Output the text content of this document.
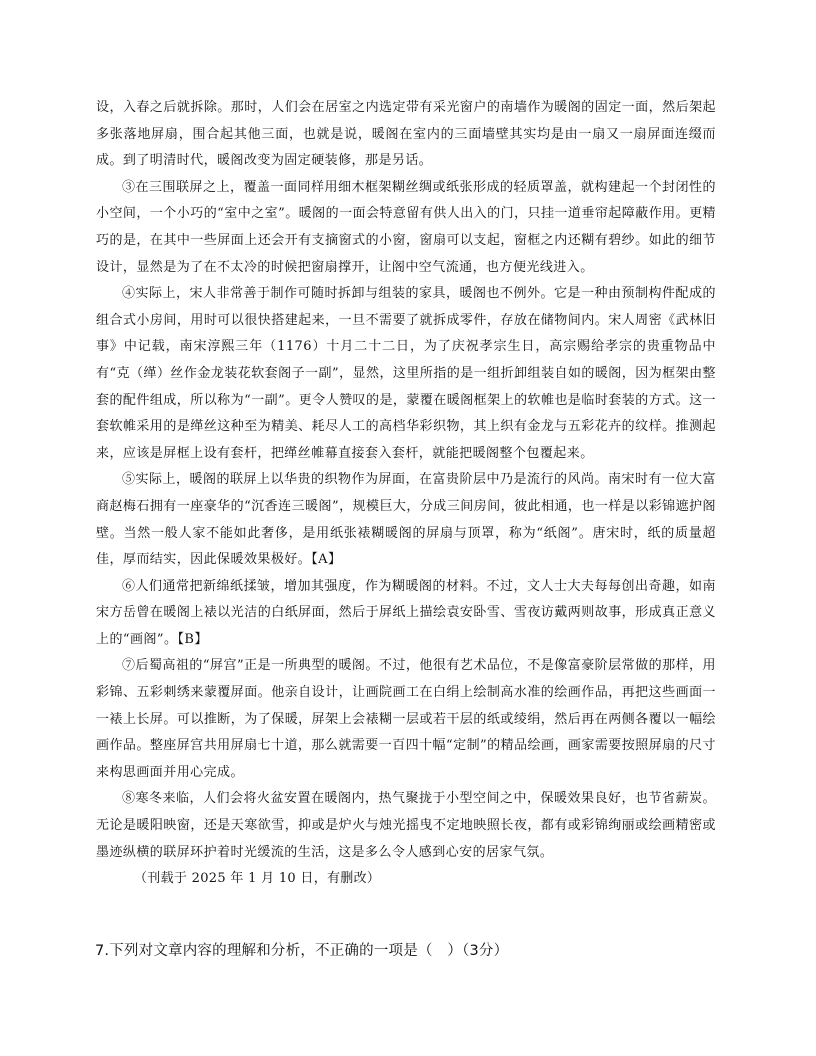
设，入春之后就拆除。那时，人们会在居室之内选定带有采光窗户的南墙作为暖阁的固定一面，然后架起多张落地屏扇，围合起其他三面，也就是说，暖阁在室内的三面墙壁其实均是由一扇又一扇屏面连缀而成。到了明清时代，暖阁改变为固定硬装修，那是另话。

③在三围联屏之上，覆盖一面同样用细木框架糊丝绸或纸张形成的轻质罩盖，就构建起一个封闭性的小空间，一个小巧的“室中之室”。暖阁的一面会特意留有供人出入的门，只挂一道垂帘起障蔽作用。更精巧的是，在其中一些屏面上还会开有支摘窗式的小窗，窗扇可以支起，窗框之内还糊有碧纱。如此的细节设计，显然是为了在不太冷的时候把窗扇撑开，让阁中空气流通，也方便光线进入。

④实际上，宋人非常善于制作可随时拆卸与组装的家具，暖阁也不例外。它是一种由预制构件配成的组合式小房间，用时可以很快搭建起来，一旦不需要了就拆成零件，存放在储物间内。宋人周密《武林旧事》中记载，南宋淳熙三年（1176）十月二十二日，为了庆祝孝宗生日，高宗赐给孝宗的贵重物品中有“克（缂）丝作金龙装花软套阁子一副”，显然，这里所指的是一组折卸组装自如的暖阁，因为框架由整套的配件组成，所以称为“一副”。更令人赞叹的是，蒙覆在暖阁框架上的软帷也是临时套装的方式。这一套软帷采用的是缂丝这种至为精美、耗尽人工的高档华彩织物，其上织有金龙与五彩花卉的纹样。推测起来，应该是屏框上设有套杆，把缂丝帷幕直接套入套杆，就能把暖阁整个包覆起来。

⑤实际上，暖阁的联屏上以华贵的织物作为屏面，在富贵阶层中乃是流行的风尚。南宋时有一位大富商赵梅石拥有一座豪华的“沉香连三暖阁”，规模巨大，分成三间房间，彼此相通，也一样是以彩锦遮护阁壁。当然一般人家不能如此奢侈，是用纸张裱糊暖阁的屏扇与顶罩，称为“纸阁”。唐宋时，纸的质量超佳，厚而结实，因此保暖效果极好。【A】

⑥人们通常把新绵纸揉皱，增加其强度，作为糊暖阁的材料。不过，文人士大夫每每创出奇趣，如南宋方岳曾在暖阁上裱以光洁的白纸屏面，然后于屏纸上描绘袁安卧雪、雪夜访戴两则故事，形成真正意义上的“画阁”。【B】

⑦后蜀高祖的“屏宫”正是一所典型的暖阁。不过，他很有艺术品位，不是像富豪阶层常做的那样，用彩锦、五彩刺绣来蒙覆屏面。他亲自设计，让画院画工在白绢上绘制高水准的绘画作品，再把这些画面一一裱上长屏。可以推断，为了保暖，屏架上会裱糊一层或若干层的纸或绫绢，然后再在两侧各覆以一幅绘画作品。整座屏宫共用屏扇七十道，那么就需要一百四十幅“定制”的精品绘画，画家需要按照屏扇的尺寸来构思画面并用心完成。

⑧寒冬来临，人们会将火盆安置在暖阁内，热气聚拢于小型空间之中，保暖效果良好，也节省薪炭。无论是暖阳映窗，还是天寒欲雪，抑或是炉火与烛光摇曳不定地映照长夜，都有或彩锦绚丽或绘画精密或墨迹纵横的联屏环护着时光缓流的生活，这是多么令人感到心安的居家气氛。

（刊载于 2025 年 1 月 10 日，有删改）

7.下列对文章内容的理解和分析，不正确的一项是（　）（3分）
